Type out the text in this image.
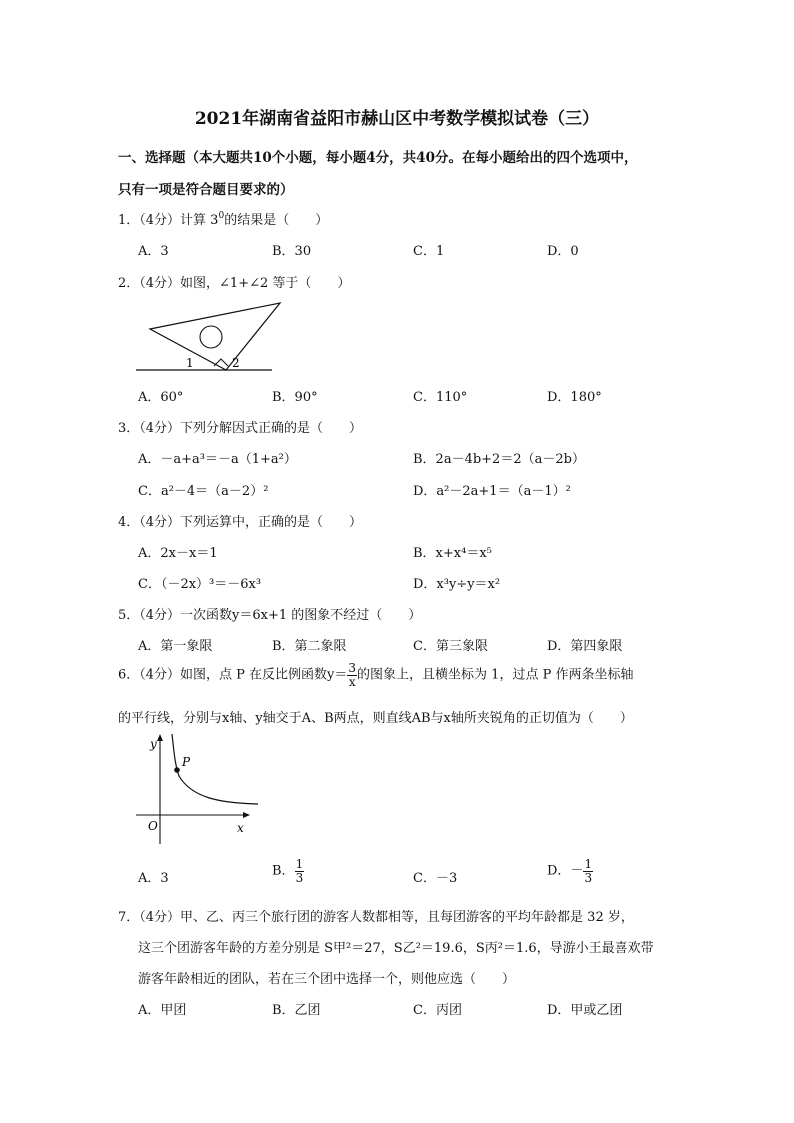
2021年湖南省益阳市赫山区中考数学模拟试卷（三）
一、选择题（本大题共10个小题，每小题4分，共40分。在每小题给出的四个选项中，
只有一项是符合题目要求的）
1．（4分）计算 $3^0$的结果是（　　）
A．3	B．30	C．1	D．0
2．（4分）如图，∠1+∠2 等于（　　）
1	2
A．60°	B．90°	C．110°	D．180°
3．（4分）下列分解因式正确的是（　　）
A．－a+a³＝－a（1+a²）	B．2a－4b+2＝2（a－2b）
C．a²－4＝（a－2）²	D．a²－2a+1＝（a－1）²
4．（4分）下列运算中，正确的是（　　）
A．2x－x＝1	B．x+x⁴＝x⁵
C．（－2x）³＝－6x³	D．x³y÷y＝x²
5．（4分）一次函数y＝6x+1 的图象不经过（　　）
A．第一象限	B．第二象限	C．第三象限	D．第四象限
6．（4分）如图，点 P 在反比例函数$y= \frac{3}{x}$ 的图象上，且横坐标为 1，过点 P 作两条坐标轴
的平行线，分别与x轴、y轴交于A、B两点，则直线AB与x轴所夹锐角的正切值为（　　）
y
P
O	x
A．3	B． $\frac{1}{3}$	C．－3	D．－ $\frac{1}{3}$
7．（4分）甲、乙、丙三个旅行团的游客人数都相等，且每团游客的平均年龄都是 32 岁，
这三个团游客年龄的方差分别是 S甲²＝27，S乙²＝19.6，S丙²＝1.6，导游小王最喜欢带
游客年龄相近的团队，若在三个团中选择一个，则他应选（　　）
A．甲团	B．乙团	C．丙团	D．甲或乙团
